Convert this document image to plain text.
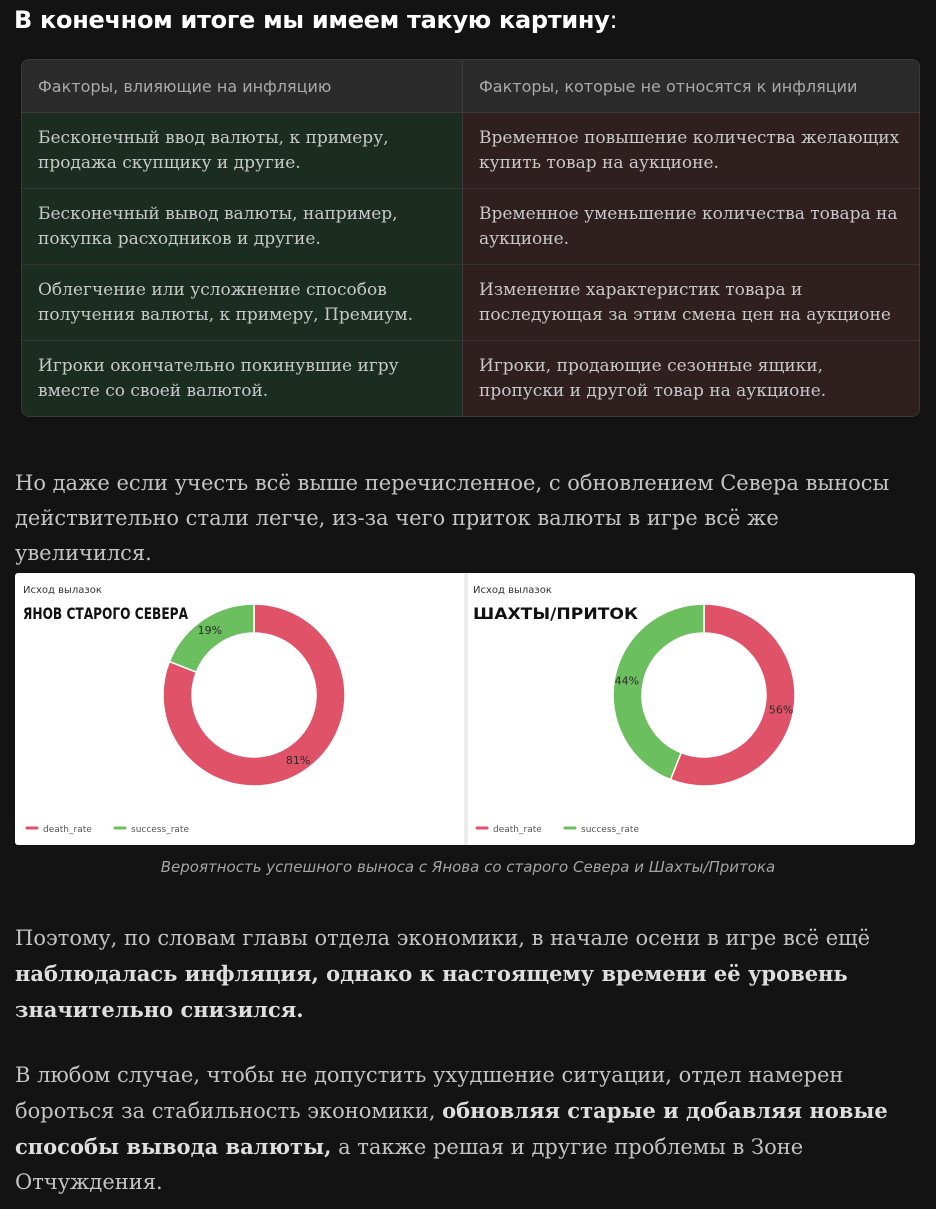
В конечном итоге мы имеем такую картину:
Факторы, влияющие на инфляцию	Факторы, которые не относятся к инфляции
Бесконечный ввод валюты, к примеру, продажа скупщику и другие.	Временное повышение количества желающих купить товар на аукционе.
Бесконечный вывод валюты, например, покупка расходников и другие.	Временное уменьшение количества товара на аукционе.
Облегчение или усложнение способов получения валюты, к примеру, Премиум.	Изменение характеристик товара и последующая за этим смена цен на аукционе
Игроки окончательно покинувшие игру вместе со своей валютой.	Игроки, продающие сезонные ящики, пропуски и другой товар на аукционе.

Но даже если учесть всё выше перечисленное, с обновлением Севера выносы действительно стали легче, из-за чего приток валюты в игре всё же увеличился.

Исход вылазок
ЯНОВ СТАРОГО СЕВЕРА
81%
19%
death_rate	success_rate
Исход вылазок
ШАХТЫ/ПРИТОК
56%
44%
death_rate	success_rate

Вероятность успешного выноса с Янова со старого Севера и Шахты/Притока

Поэтому, по словам главы отдела экономики, в начале осени в игре всё ещё наблюдалась инфляция, однако к настоящему времени её уровень значительно снизился.

В любом случае, чтобы не допустить ухудшение ситуации, отдел намерен бороться за стабильность экономики, обновляя старые и добавляя новые способы вывода валюты, а также решая и другие проблемы в Зоне Отчуждения.
